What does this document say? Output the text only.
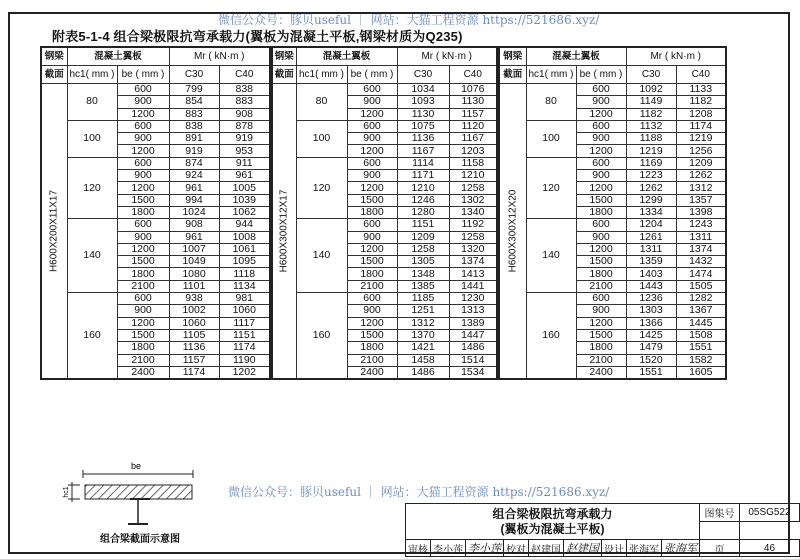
微信公众号：豚贝useful ｜ 网站：大猫工程资源 https://521686.xyz/
附表5-1-4 组合梁极限抗弯承载力(翼板为混凝土平板,钢梁材质为Q235)
钢梁	混凝土翼板		Mr ( kN·m )	
截面	hc1( mm )	be ( mm )	C30	C40

H600X200X11X17	80	600	799	838
		900	854	883
		1200	883	908
	100	600	838	878
		900	891	919
		1200	919	953
	120	600	874	911
		900	924	961
		1200	961	1005
		1500	994	1039
		1800	1024	1062
	140	600	908	944
		900	961	1008
		1200	1007	1061
		1500	1049	1095
		1800	1080	1118
		2100	1101	1134
	160	600	938	981
		900	1002	1060
		1200	1060	1117
		1500	1105	1151
		1800	1136	1174
		2100	1157	1190
		2400	1174	1202
钢梁	混凝土翼板		Mr ( kN·m )	
截面	hc1( mm )	be ( mm )	C30	C40

H600X300X12X17	80	600	1034	1076
		900	1093	1130
		1200	1130	1157
	100	600	1075	1120
		900	1136	1167
		1200	1167	1203
	120	600	1114	1158
		900	1171	1210
		1200	1210	1258
		1500	1246	1302
		1800	1280	1340
	140	600	1151	1192
		900	1209	1258
		1200	1258	1320
		1500	1305	1374
		1800	1348	1413
		2100	1385	1441
	160	600	1185	1230
		900	1251	1313
		1200	1312	1389
		1500	1370	1447
		1800	1421	1486
		2100	1458	1514
		2400	1486	1534
钢梁	混凝土翼板		Mr ( kN·m )	
截面	hc1( mm )	be ( mm )	C30	C40

H600X300X12X20	80	600	1092	1133
		900	1149	1182
		1200	1182	1208
	100	600	1132	1174
		900	1188	1219
		1200	1219	1256
	120	600	1169	1209
		900	1223	1262
		1200	1262	1312
		1500	1299	1357
		1800	1334	1398
	140	600	1204	1243
		900	1261	1311
		1200	1311	1374
		1500	1359	1432
		1800	1403	1474
		2100	1443	1505
	160	600	1236	1282
		900	1303	1367
		1200	1366	1445
		1500	1425	1508
		1800	1479	1551
		2100	1520	1582
		2400	1551	1605
be
hc1
组合梁截面示意图
微信公众号：豚贝useful ｜ 网站：大猫工程资源 https://521686.xyz/
组合梁极限抗弯承载力
(翼板为混凝土平板)									图集号	05SG522

审核	李小莲	李小莲	校对	赵建国	赵建国	设计	张海军	张海军	页	46
